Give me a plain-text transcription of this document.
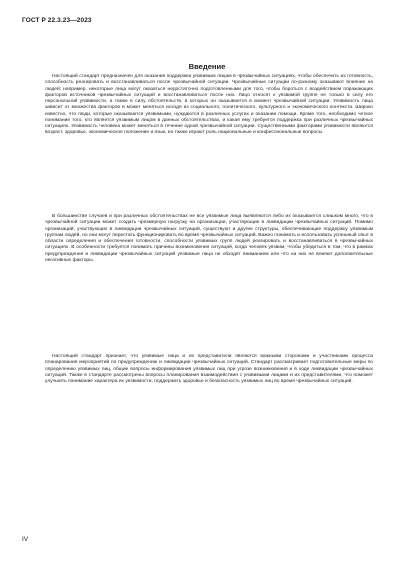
ГОСТ Р 22.3.23—2023
Введение

Настоящий стандарт предназначен для оказания поддержки уязвимым лицам в чрезвычайных ситуациях, чтобы обеспечить их готовность, способность реагировать и восстанавливаться после чрезвычайной ситуации. Чрезвычайные ситуации по-разному оказывают влияние на людей; например, некоторые лица могут оказаться недостаточно подготовленными для того, чтобы бороться с воздействием поражающих факторов источников чрезвычайных ситуаций и восстанавливаться после них. Лицо относят к уязвимой группе не только в силу его персональной уязвимости, а также в силу обстоятельств, в которых он оказывается в момент чрезвычайной ситуации. Уязвимость лица зависит от множества факторов и может меняться исходя из социального, политического, культурного и экономического контекста. Широко известно, что люди, которые оказываются уязвимыми, нуждаются в различных услугах и оказании помощи. Кроме того, необходимо четкое понимание того, кто является уязвимым лицом в данных обстоятельствах, и какая ему требуется поддержка при различных чрезвычайных ситуациях. Уязвимость человека может меняться в течение одной чрезвычайной ситуации. Существенными факторами уязвимости являются возраст, здоровье, экономическое положение и язык, но также играют роль национальные и конфессиональные вопросы.

В большинстве случаев и при различных обстоятельствах не все уязвимые лица выявляются либо их оказывается слишком много, что в чрезвычайной ситуации может создать чрезмерную нагрузку на организации, участвующие в ликвидации чрезвычайных ситуаций. Помимо организаций, участвующих в ликвидации чрезвычайных ситуаций, существуют и другие структуры, обеспечивающие поддержку уязвимым группам людей, но они могут перестать функционировать во время чрезвычайных ситуаций. Важно понимать и использовать успешный опыт в области определения и обеспечения готовности, способности уязвимых групп людей реагировать и восстанавливаться в чрезвычайных ситуациях. В особенности требуется понимать причины возникновения ситуаций, когда человек уязвим, чтобы убедиться в том, что в рамках предупреждения и ликвидации чрезвычайных ситуаций уязвимые лица не обходят вниманием или что на них не влияют дополнительные негативные факторы.

Настоящий стандарт признает, что уязвимые лица и их представители являются важными сторонами и участниками процесса планирования мероприятий по предупреждению и ликвидации чрезвычайных ситуаций. Стандарт рассматривает подготовительные меры по определению уязвимых лиц, общие вопросы информирования уязвимых лиц при угрозе возникновения и в ходе ликвидации чрезвычайных ситуаций. Также в стандарте рассмотрены вопросы планирования взаимодействия с уязвимыми лицами и их представителями, что поможет улучшить понимание характера их уязвимости, поддержать здоровье и безопасность уязвимых лиц во время чрезвычайных ситуаций.

IV
